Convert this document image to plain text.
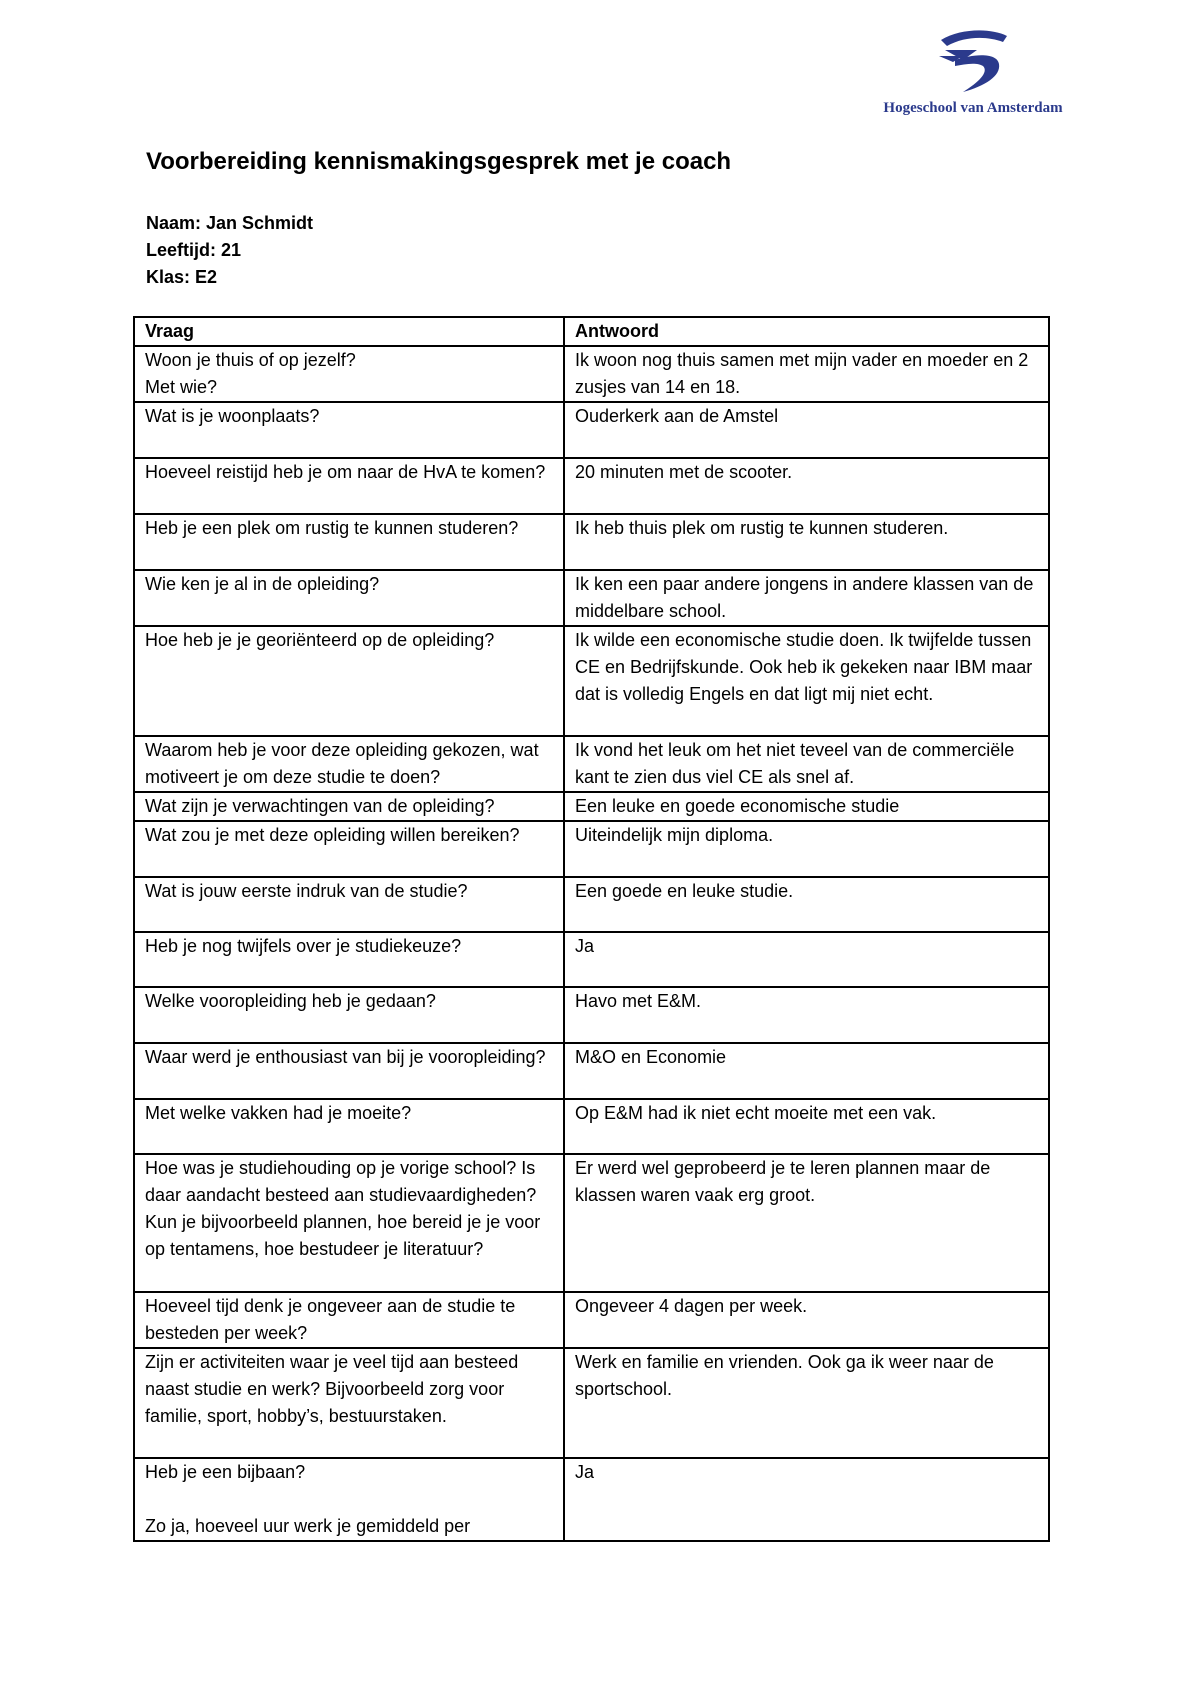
Hogeschool van Amsterdam
Voorbereiding kennismakingsgesprek met je coach
Naam: Jan Schmidt
Leeftijd: 21
Klas: E2
Vraag	Antwoord
Woon je thuis of op jezelf?
Met wie?	Ik woon nog thuis samen met mijn vader en moeder en 2 zusjes van 14 en 18.
Wat is je woonplaats?	Ouderkerk aan de Amstel
Hoeveel reistijd heb je om naar de HvA te komen?	20 minuten met de scooter.
Heb je een plek om rustig te kunnen studeren?	Ik heb thuis plek om rustig te kunnen studeren.
Wie ken je al in de opleiding?	Ik ken een paar andere jongens in andere klassen van de middelbare school.
Hoe heb je je georiënteerd op de opleiding?	Ik wilde een economische studie doen. Ik twijfelde tussen CE en Bedrijfskunde. Ook heb ik gekeken naar IBM maar dat is volledig Engels en dat ligt mij niet echt.
Waarom heb je voor deze opleiding gekozen, wat motiveert je om deze studie te doen?	Ik vond het leuk om het niet teveel van de commerciële kant te zien dus viel CE als snel af.
Wat zijn je verwachtingen van de opleiding?	Een leuke en goede economische studie
Wat zou je met deze opleiding willen bereiken?	Uiteindelijk mijn diploma.
Wat is jouw eerste indruk van de studie?	Een goede en leuke studie.
Heb je nog twijfels over je studiekeuze?	Ja
Welke vooropleiding heb je gedaan?	Havo met E&M.
Waar werd je enthousiast van bij je vooropleiding?	M&O en Economie
Met welke vakken had je moeite?	Op E&M had ik niet echt moeite met een vak.
Hoe was je studiehouding op je vorige school? Is daar aandacht besteed aan studievaardigheden? Kun je bijvoorbeeld plannen, hoe bereid je je voor op tentamens, hoe bestudeer je literatuur?	Er werd wel geprobeerd je te leren plannen maar de klassen waren vaak erg groot.
Hoeveel tijd denk je ongeveer aan de studie te besteden per week?	Ongeveer 4 dagen per week.
Zijn er activiteiten waar je veel tijd aan besteed naast studie en werk? Bijvoorbeeld zorg voor familie, sport, hobby’s, bestuurstaken.	Werk en familie en vrienden. Ook ga ik weer naar de sportschool.
Heb je een bijbaan?

Zo ja, hoeveel uur werk je gemiddeld per	Ja
